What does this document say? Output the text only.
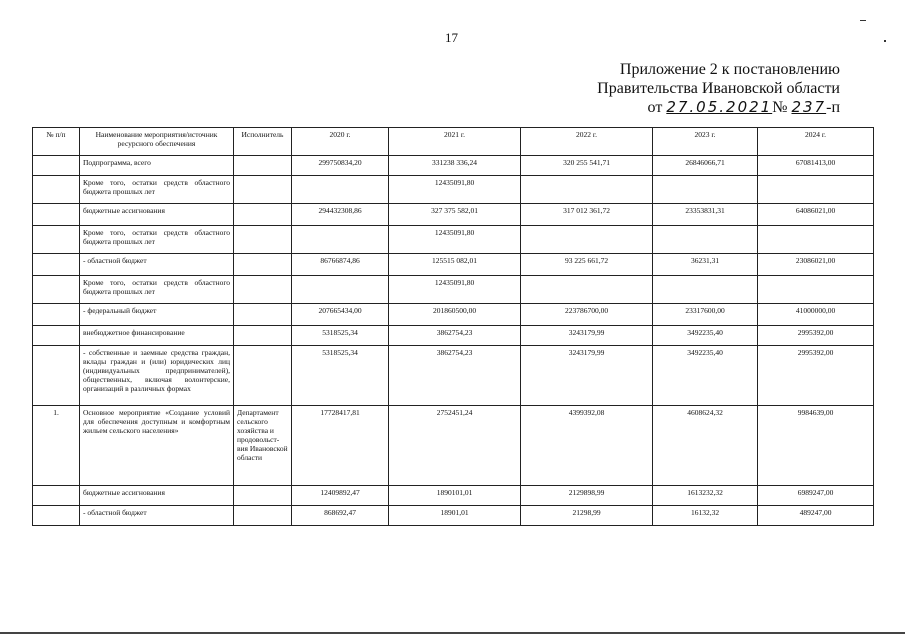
17
Приложение 2 к постановлению
Правительства Ивановской области
от 27.05.2021№ 237-п
№ п/п	Наименование мероприятия/источник ресурсного обеспечения	Исполнитель	2020 г.	2021 г.	2022 г.	2023 г.	2024 г.
	Подпрограмма, всего		299750834,20	331238 336,24	320 255 541,71	26846066,71	67081413,00
	Кроме того, остатки средств областного бюджета прошлых лет			12435091,80			
	бюджетные ассигнования		294432308,86	327 375 582,01	317 012 361,72	23353831,31	64086021,00
	Кроме того, остатки средств областного бюджета прошлых лет			12435091,80			
	- областной бюджет		86766874,86	125515 082,01	93 225 661,72	36231,31	23086021,00
	Кроме того, остатки средств областного бюджета прошлых лет			12435091,80			
	- федеральный бюджет		207665434,00	201860500,00	223786700,00	23317600,00	41000000,00
	внебюджетное финансирование		5318525,34	3862754,23	3243179,99	3492235,40	2995392,00
	- собственные и заемные средства граждан, вклады граждан и (или) юридических лиц (индивидуальных предпринимателей), общественных, включая волонтерские, организаций в различных формах		5318525,34	3862754,23	3243179,99	3492235,40	2995392,00
1.	Основное мероприятие «Создание условий для обеспечения доступным и комфортным жильем сельского населения»	Департамент сельского хозяйства и продовольст-вия Ивановской области	17728417,81	2752451,24	4399392,08	4608624,32	9984639,00
	бюджетные ассигнования		12409892,47	1890101,01	2129898,99	1613232,32	6989247,00
	- областной бюджет		868692,47	18901,01	21298,99	16132,32	489247,00
